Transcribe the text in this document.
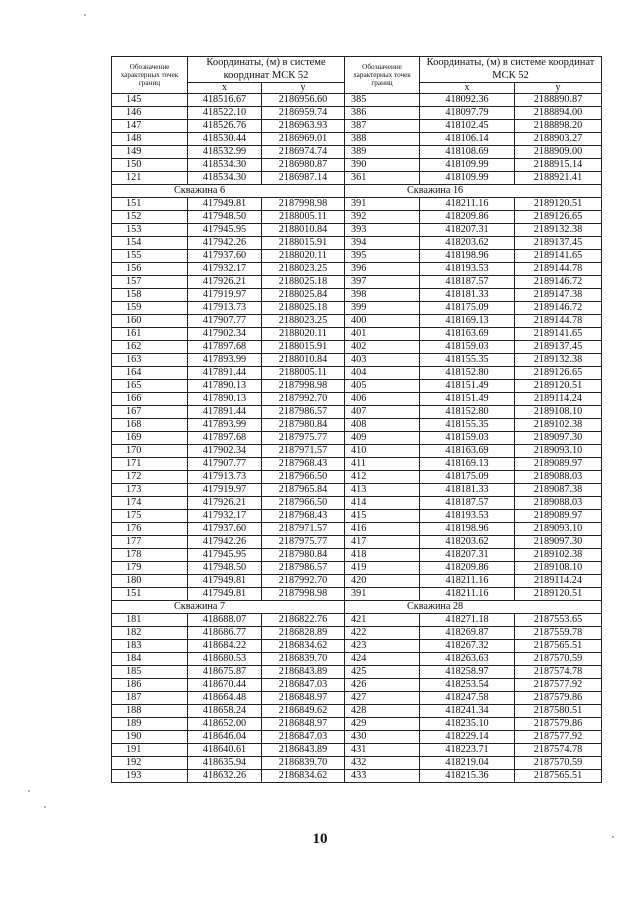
Обозначение характерных точек границ	Координаты, (м) в системе координат МСК 52		Обозначение характерных точек границ	Координаты, (м) в системе координат МСК 52	
	x	y		x	y
145	418516.67	2186956.60	385	418092.36	2188890.87
146	418522.10	2186959.74	386	418097.79	2188894.00
147	418526.76	2186963.93	387	418102.45	2188898.20
148	418530.44	2186969.01	388	418106.14	2188903.27
149	418532.99	2186974.74	389	418108.69	2188909.00
150	418534.30	2186980.87	390	418109.99	2188915.14
121	418534.30	2186987.14	361	418109.99	2188921.41
Скважина 6			Скважина 16		
151	417949.81	2187998.98	391	418211.16	2189120.51
152	417948.50	2188005.11	392	418209.86	2189126.65
153	417945.95	2188010.84	393	418207.31	2189132.38
154	417942.26	2188015.91	394	418203.62	2189137.45
155	417937.60	2188020.11	395	418198.96	2189141.65
156	417932.17	2188023.25	396	418193.53	2189144.78
157	417926.21	2188025.18	397	418187.57	2189146.72
158	417919.97	2188025.84	398	418181.33	2189147.38
159	417913.73	2188025.18	399	418175.09	2189146.72
160	417907.77	2188023.25	400	418169.13	2189144.78
161	417902.34	2188020.11	401	418163.69	2189141.65
162	417897.68	2188015.91	402	418159.03	2189137.45
163	417893.99	2188010.84	403	418155.35	2189132.38
164	417891.44	2188005.11	404	418152.80	2189126.65
165	417890.13	2187998.98	405	418151.49	2189120.51
166	417890.13	2187992.70	406	418151.49	2189114.24
167	417891.44	2187986.57	407	418152.80	2189108.10
168	417893.99	2187980.84	408	418155.35	2189102.38
169	417897.68	2187975.77	409	418159.03	2189097.30
170	417902.34	2187971.57	410	418163.69	2189093.10
171	417907.77	2187968.43	411	418169.13	2189089.97
172	417913.73	2187966.50	412	418175.09	2189088.03
173	417919.97	2187965.84	413	418181.33	2189087.38
174	417926.21	2187966.50	414	418187.57	2189088.03
175	417932.17	2187968.43	415	418193.53	2189089.97
176	417937.60	2187971.57	416	418198.96	2189093.10
177	417942.26	2187975.77	417	418203.62	2189097.30
178	417945.95	2187980.84	418	418207.31	2189102.38
179	417948.50	2187986.57	419	418209.86	2189108.10
180	417949.81	2187992.70	420	418211.16	2189114.24
151	417949.81	2187998.98	391	418211.16	2189120.51
Скважина 7			Скважина 28		
181	418688.07	2186822.76	421	418271.18	2187553.65
182	418686.77	2186828.89	422	418269.87	2187559.78
183	418684.22	2186834.62	423	418267.32	2187565.51
184	418680.53	2186839.70	424	418263.63	2187570.59
185	418675.87	2186843.89	425	418258.97	2187574.78
186	418670.44	2186847.03	426	418253.54	2187577.92
187	418664.48	2186848.97	427	418247.58	2187579.86
188	418658.24	2186849.62	428	418241.34	2187580.51
189	418652.00	2186848.97	429	418235.10	2187579.86
190	418646.04	2186847.03	430	418229.14	2187577.92
191	418640.61	2186843.89	431	418223.71	2187574.78
192	418635.94	2186839.70	432	418219.04	2187570.59
193	418632.26	2186834.62	433	418215.36	2187565.51
10
